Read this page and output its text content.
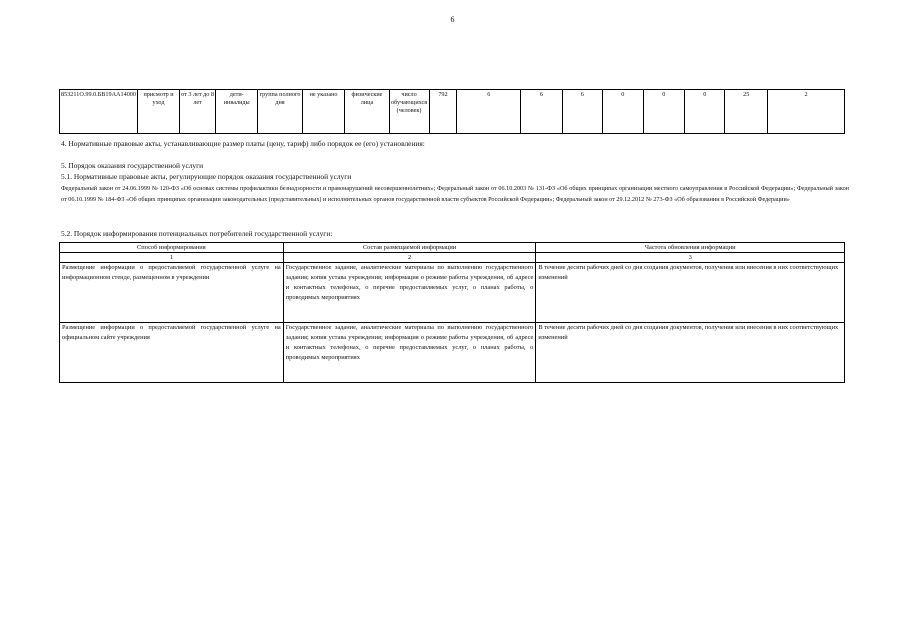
6
853211О.99.0.БВ19АА14000	присмотр и уход	от 3 лет до 8 лет	дети-инвалиды	группа полного дня	не указано	физические лица	число обучающихся (человек)	792	6	6	6	0	0	0	25	2
4. Нормативные правовые акты, устанавливающие размер платы (цену, тариф) либо порядок ее (его) установления:
5. Порядок оказания государственной услуги
5.1. Нормативные правовые акты, регулирующие порядок оказания государственной услуги
Федеральный закон от 24.06.1999 № 120-ФЗ «Об основах системы профилактики безнадзорности и правонарушений несовершеннолетних»; Федеральный закон от 06.10.2003 № 131-ФЗ «Об общих принципах организации местного самоуправления в Российской Федерации»; Федеральный закон от 06.10.1999 № 184-ФЗ «Об общих принципах организации законодательных (представительных) и исполнительных органов государственной власти субъектов Российской Федерации»; Федеральный закон от 29.12.2012 № 273-ФЗ «Об образовании в Российской Федерации»
5.2. Порядок информирования потенциальных потребителей государственной услуги:
Способ информирования	Состав размещаемой информации	Частота обновления информации
1	2	3
Размещение информации о предоставляемой государственной услуге на информационном стенде, размещенном в учреждении	Государственное задание, аналитические материалы по выполнению государственного задания; копия устава учреждения; информация о режиме работы учреждения, об адресе и контактных телефонах, о перечне предоставляемых услуг, о планах работы, о проводимых мероприятиях	В течение десяти рабочих дней со дня создания документов, получения или внесения в них соответствующих изменений
Размещение информации о предоставляемой государственной услуге на официальном сайте учреждения	Государственное задание, аналитические материалы по выполнению государственного задания; копия устава учреждения; информация о режиме работы учреждения, об адресе и контактных телефонах, о перечне предоставляемых услуг, о планах работы, о проводимых мероприятиях	В течение десяти рабочих дней со дня создания документов, получения или внесения в них соответствующих изменений
